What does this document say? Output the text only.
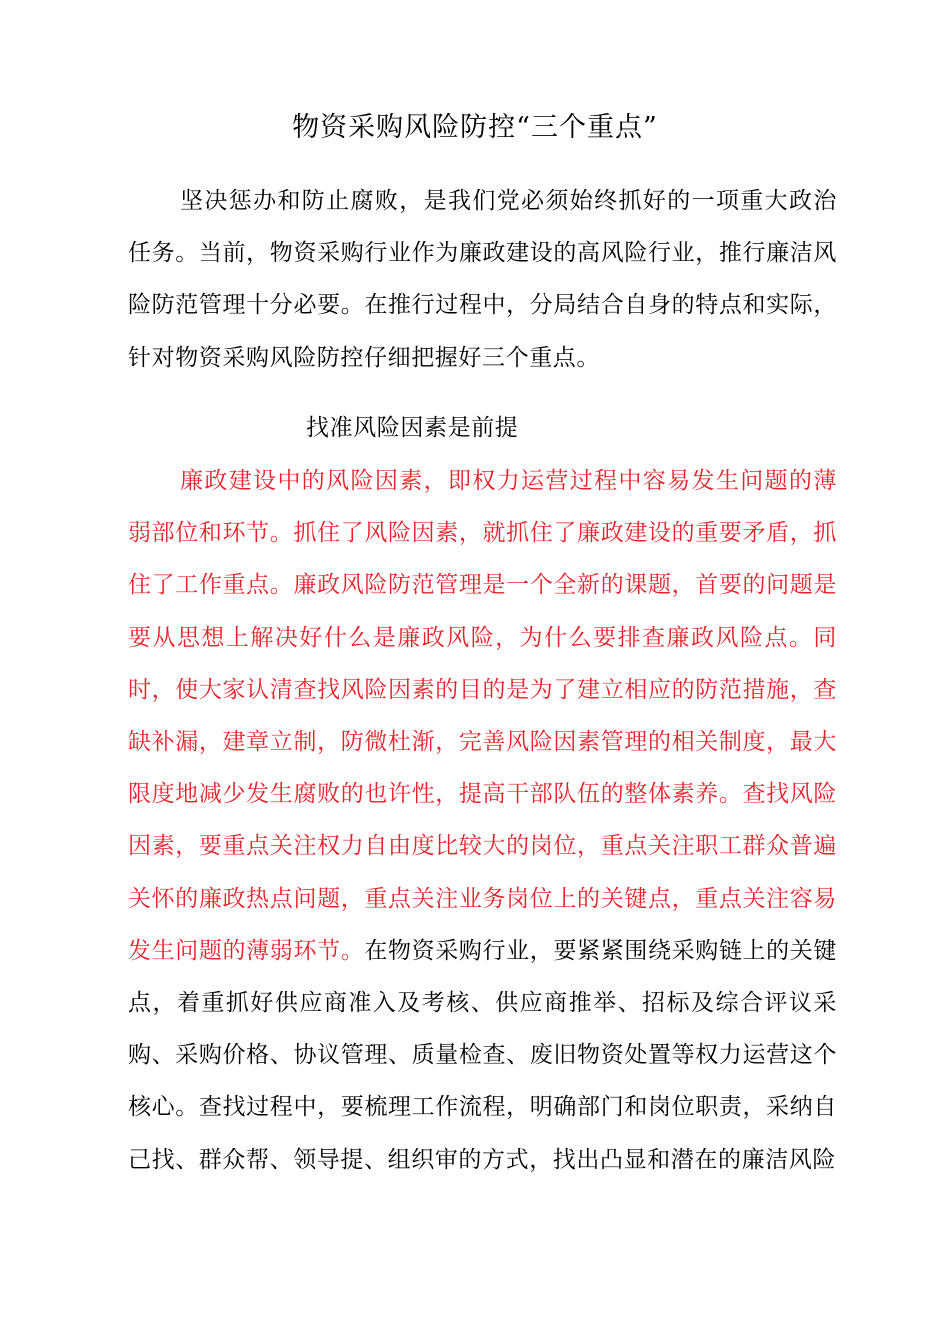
物资采购风险防控“三个重点”

坚决惩办和防止腐败，是我们党必须始终抓好的一项重大政治任务。当前，物资采购行业作为廉政建设的高风险行业，推行廉洁风险防范管理十分必要。在推行过程中，分局结合自身的特点和实际，针对物资采购风险防控仔细把握好三个重点。

找准风险因素是前提

廉政建设中的风险因素，即权力运营过程中容易发生问题的薄弱部位和环节。抓住了风险因素，就抓住了廉政建设的重要矛盾，抓住了工作重点。廉政风险防范管理是一个全新的课题，首要的问题是要从思想上解决好什么是廉政风险，为什么要排查廉政风险点。同时，使大家认清查找风险因素的目的是为了建立相应的防范措施，查缺补漏，建章立制，防微杜渐，完善风险因素管理的相关制度，最大限度地减少发生腐败的也许性，提高干部队伍的整体素养。查找风险因素，要重点关注权力自由度比较大的岗位，重点关注职工群众普遍关怀的廉政热点问题，重点关注业务岗位上的关键点，重点关注容易发生问题的薄弱环节。在物资采购行业，要紧紧围绕采购链上的关键点，着重抓好供应商准入及考核、供应商推举、招标及综合评议采购、采购价格、协议管理、质量检查、废旧物资处置等权力运营这个核心。查找过程中，要梳理工作流程，明确部门和岗位职责，采纳自己找、群众帮、领导提、组织审的方式，找出凸显和潜在的廉洁风险
